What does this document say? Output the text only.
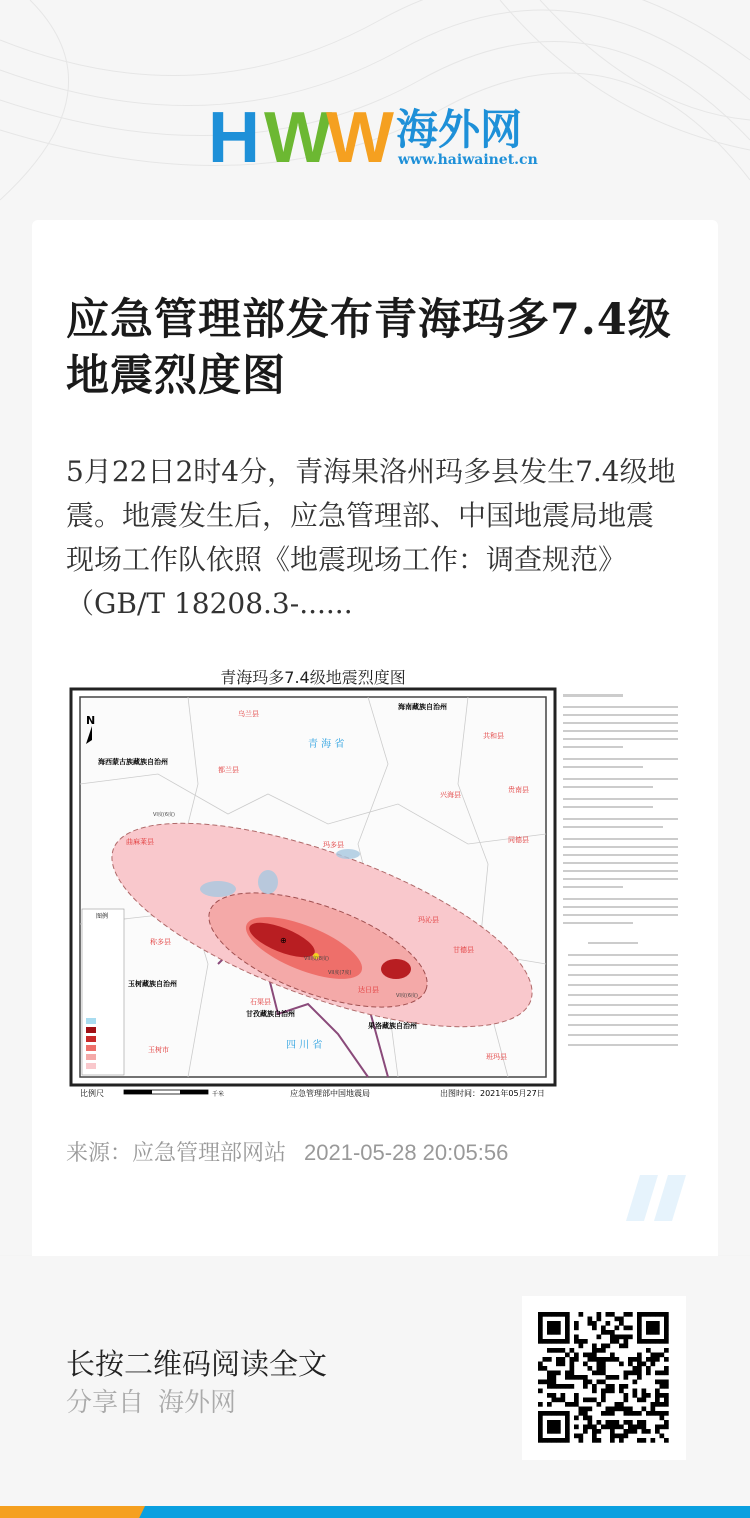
H W
W 海外网
www.haiwainet.cn
应急管理部发布青海玛多7.4级地震烈度图
5月22日2时4分，青海果洛州玛多县发生7.4级地震。地震发生后，应急管理部、中国地震局地震现场工作队依照《地震现场工作：调查规范》（GB/T 18208.3-......
青海玛多7.4级地震烈度图
⊕
N
青 海 省
四 川 省
海西蒙古族藏族自治州
海南藏族自治州
玉树藏族自治州
甘孜藏族自治州
果洛藏族自治州
乌兰县
都兰县
共和县
兴海县
贵南县
同德县
曲麻莱县	玛多县
玛沁县
称多县
甘德县
达日县
石渠县
玉树市
班玛县
VI度(6度)
VII度(7度)
VIII度(8度)
VI度(6度)
图例
比例尺	千米	应急管理部中国地震局	出图时间：2021年05月27日
来源：应急管理部网站 2021-05-28 20:05:56
长按二维码阅读全文
分享自 海外网
